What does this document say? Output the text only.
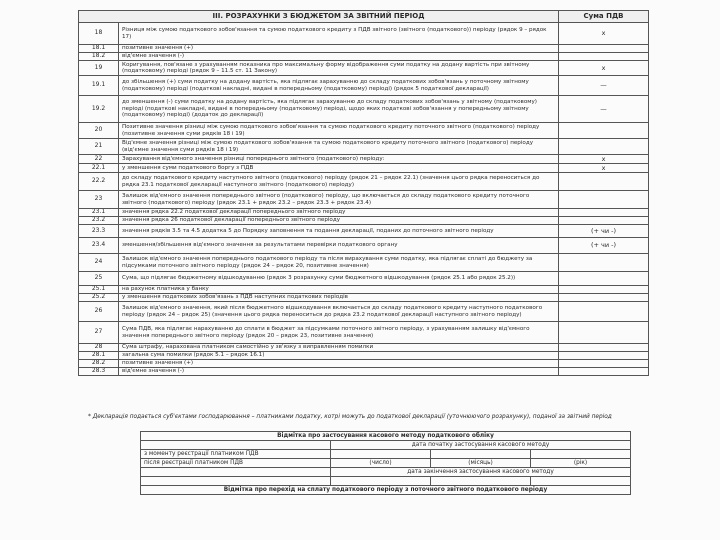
III. РОЗРАХУНКИ З БЮДЖЕТОМ ЗА ЗВІТНИЙ ПЕРІОД		Сума ПДВ
18	Різниця між сумою податкового зобов'язання та сумою податкового кредиту з ПДВ звітного (звітного (податкового)) періоду (рядок 9 – рядок 17)	x
18.1	позитивне значення (+)	
18.2	від'ємне значення (-)	
19	Коригування, пов'язане з урахуванням показника про максимальну форму відображення суми податку на додану вартість при звітному (податковому) періоді (рядок 9 – 11.5 ст. 11 Закону)	x
19.1	до збільшення (+) суми податку на додану вартість, яка підлягає зарахуванню до складу податкових зобов'язань у поточному звітному (податковому) періоді (податкові накладні, видані в попередньому (податковому) періоді) (рядок 5 податкової декларації)	—
19.2	до зменшення (-) суми податку на додану вартість, яка підлягає зарахуванню до складу податкових зобов'язань у звітному (податковому) періоді (податкові накладні, видані в попередньому (податковому) періоді, щодо яких податкові зобов'язання у попередньому звітному (податковому) періоді) (додаток до декларації)	—
20	Позитивне значення різниці між сумою податкового зобов'язання та сумою податкового кредиту поточного звітного (податкового) періоду (позитивне значення суми рядків 18 і 19)	
21	Від'ємне значення різниці між сумою податкового зобов'язання та сумою податкового кредиту поточного звітного (податкового) періоду (від'ємне значення суми рядків 18 і 19)	
22	Зарахування від'ємного значення різниці попереднього звітного (податкового) періоду:	x
22.1	у зменшення суми податкового боргу з ПДВ	x
22.2	до складу податкового кредиту наступного звітного (податкового) періоду (рядок 21 – рядок 22.1) (значення цього рядка переноситься до рядка 23.1 податкової декларації наступного звітного (податкового) періоду)	
23	Залишок від'ємного значення попереднього звітного (податкового) періоду, що включається до складу податкового кредиту поточного звітного (податкового) періоду (рядок 23.1 + рядок 23.2 – рядок 23.3 + рядок 23.4)	
23.1	значення рядка 22.2 податкової декларації попереднього звітного періоду	
23.2	значення рядка 26 податкової декларації попереднього звітного періоду	
23.3	значення рядків 3.5 та 4.5 додатка 5 до Порядку заповнення та подання декларації, поданих до поточного звітного періоду	(+ чи -)
23.4	зменшення/збільшення від'ємного значення за результатами перевірки податкового органу	(+ чи -)
24	Залишок від'ємного значення попереднього податкового періоду та після вирахування суми податку, яка підлягає сплаті до бюджету за підсумками поточного звітного періоду (рядок 24 – рядок 20, позитивне значення)	
25	Сума, що підлягає бюджетному відшкодуванню (рядок 3 розрахунку суми бюджетного відшкодування (рядок 25.1 або рядок 25.2))	
25.1	на рахунок платника у банку	
25.2	у зменшення податкових зобов'язань з ПДВ наступних податкових періодів	
26	Залишок від'ємного значення, який після бюджетного відшкодування включається до складу податкового кредиту наступного податкового періоду (рядок 24 – рядок 25) (значення цього рядка переноситься до рядка 23.2 податкової декларації наступного звітного періоду)	
27	Сума ПДВ, яка підлягає нарахуванню до сплати в бюджет за підсумками поточного звітного періоду, з урахуванням залишку від'ємного значення попереднього звітного періоду (рядок 20 – рядок 23, позитивне значення)	
28	Сума штрафу, нарахована платником самостійно у зв'язку з виправленням помилки	
28.1	загальна сума помилки (рядок 5.1 – рядок 16.1)	
28.2	позитивне значення (+)	
28.3	від'ємне значення (-)	
* Декларація подається суб'єктами господарювання – платниками податку, котрі можуть до податкової декларації (уточнюючого розрахунку), поданої за звітний період
Відмітка про застосування касового методу податкового обліку			
	дата початку застосування касового методу		
з моменту реєстрації платником ПДВ			
після реєстрації платником ПДВ	(число)	(місяць)	(рік)
	дата закінчення застосування касового методу		

Відмітка про перехід на сплату податкового періоду з поточного звітного податкового періоду			
